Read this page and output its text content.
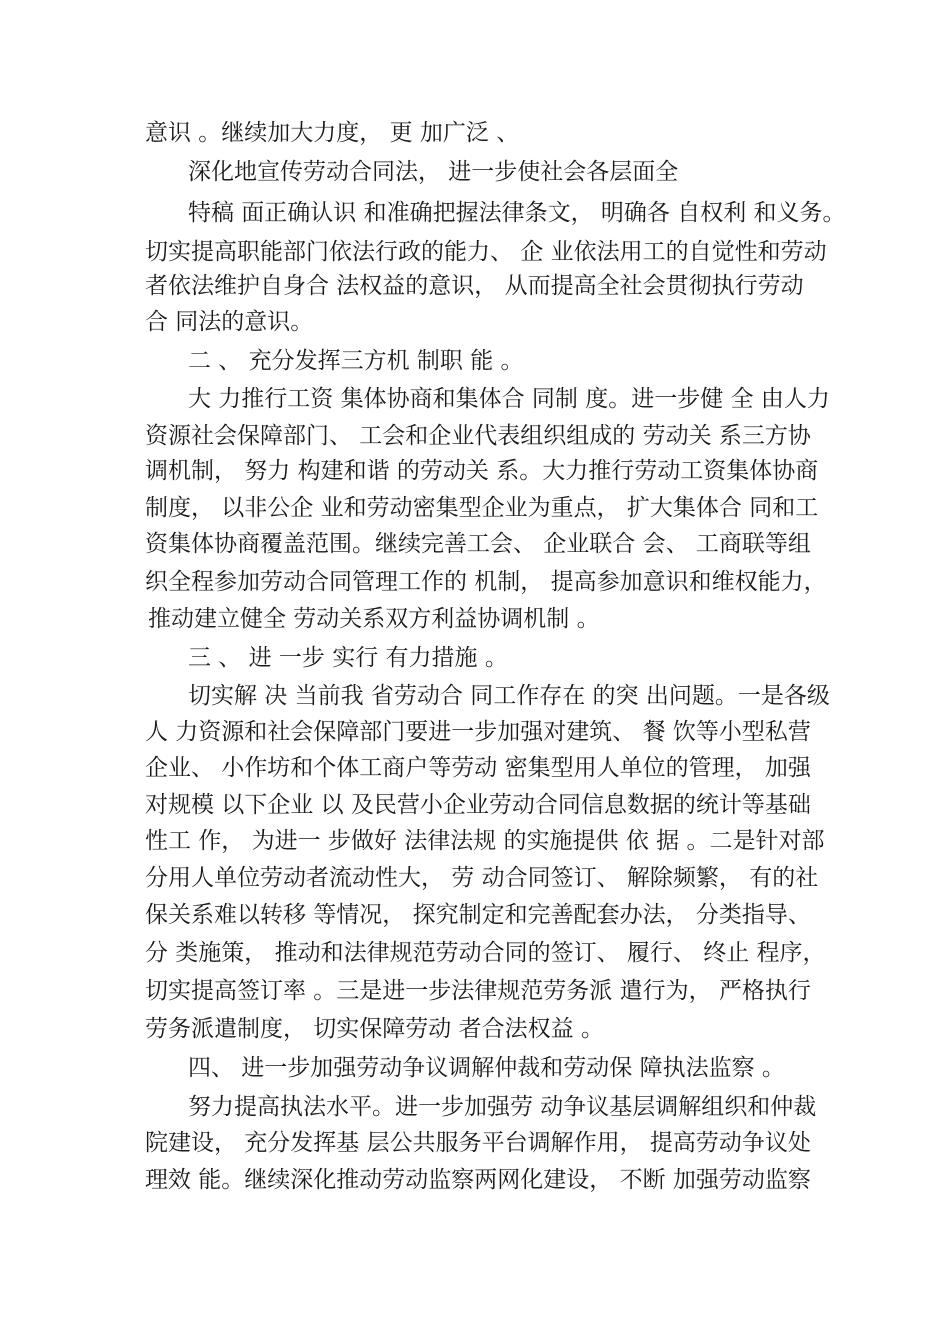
意识 。继续加大力度， 更 加广泛 、
深化地宣传劳动合同法， 进一步使社会各层面全
特稿 面正确认识 和准确把握法律条文， 明确各 自权利 和义务。
切实提高职能部门依法行政的能力、 企 业依法用工的自觉性和劳动
者依法维护自身合 法权益的意识， 从而提高全社会贯彻执行劳动
合 同法的意识。
二 、 充分发挥三方机 制职 能 。
大 力推行工资 集体协商和集体合 同制 度。进一步健 全 由人力
资源社会保障部门、 工会和企业代表组织组成的 劳动关 系三方协
调机制， 努力 构建和谐 的劳动关 系。大力推行劳动工资集体协商
制度， 以非公企 业和劳动密集型企业为重点， 扩大集体合 同和工
资集体协商覆盖范围。继续完善工会、 企业联合 会、 工商联等组
织全程参加劳动合同管理工作的 机制， 提高参加意识和维权能力，
推动建立健全 劳动关系双方利益协调机制 。
三 、 进 一步 实行 有力措施 。
切实解 决 当前我 省劳动合 同工作存在 的突 出问题。一是各级
人 力资源和社会保障部门要进一步加强对建筑、 餐 饮等小型私营
企业、 小作坊和个体工商户等劳动 密集型用人单位的管理， 加强
对规模 以下企业 以 及民营小企业劳动合同信息数据的统计等基础
性工 作， 为进一 步做好 法律法规 的实施提供 依 据 。二是针对部
分用人单位劳动者流动性大， 劳 动合同签订、 解除频繁， 有的社
保关系难以转移 等情况， 探究制定和完善配套办法， 分类指导、
分 类施策， 推动和法律规范劳动合同的签订、 履行、 终止 程序，
切实提高签订率 。三是进一步法律规范劳务派 遣行为， 严格执行
劳务派遣制度， 切实保障劳动 者合法权益 。
四、 进一步加强劳动争议调解仲裁和劳动保 障执法监察 。
努力提高执法水平。进一步加强劳 动争议基层调解组织和仲裁
院建设， 充分发挥基 层公共服务平台调解作用， 提高劳动争议处
理效 能。继续深化推动劳动监察两网化建设， 不断 加强劳动监察
